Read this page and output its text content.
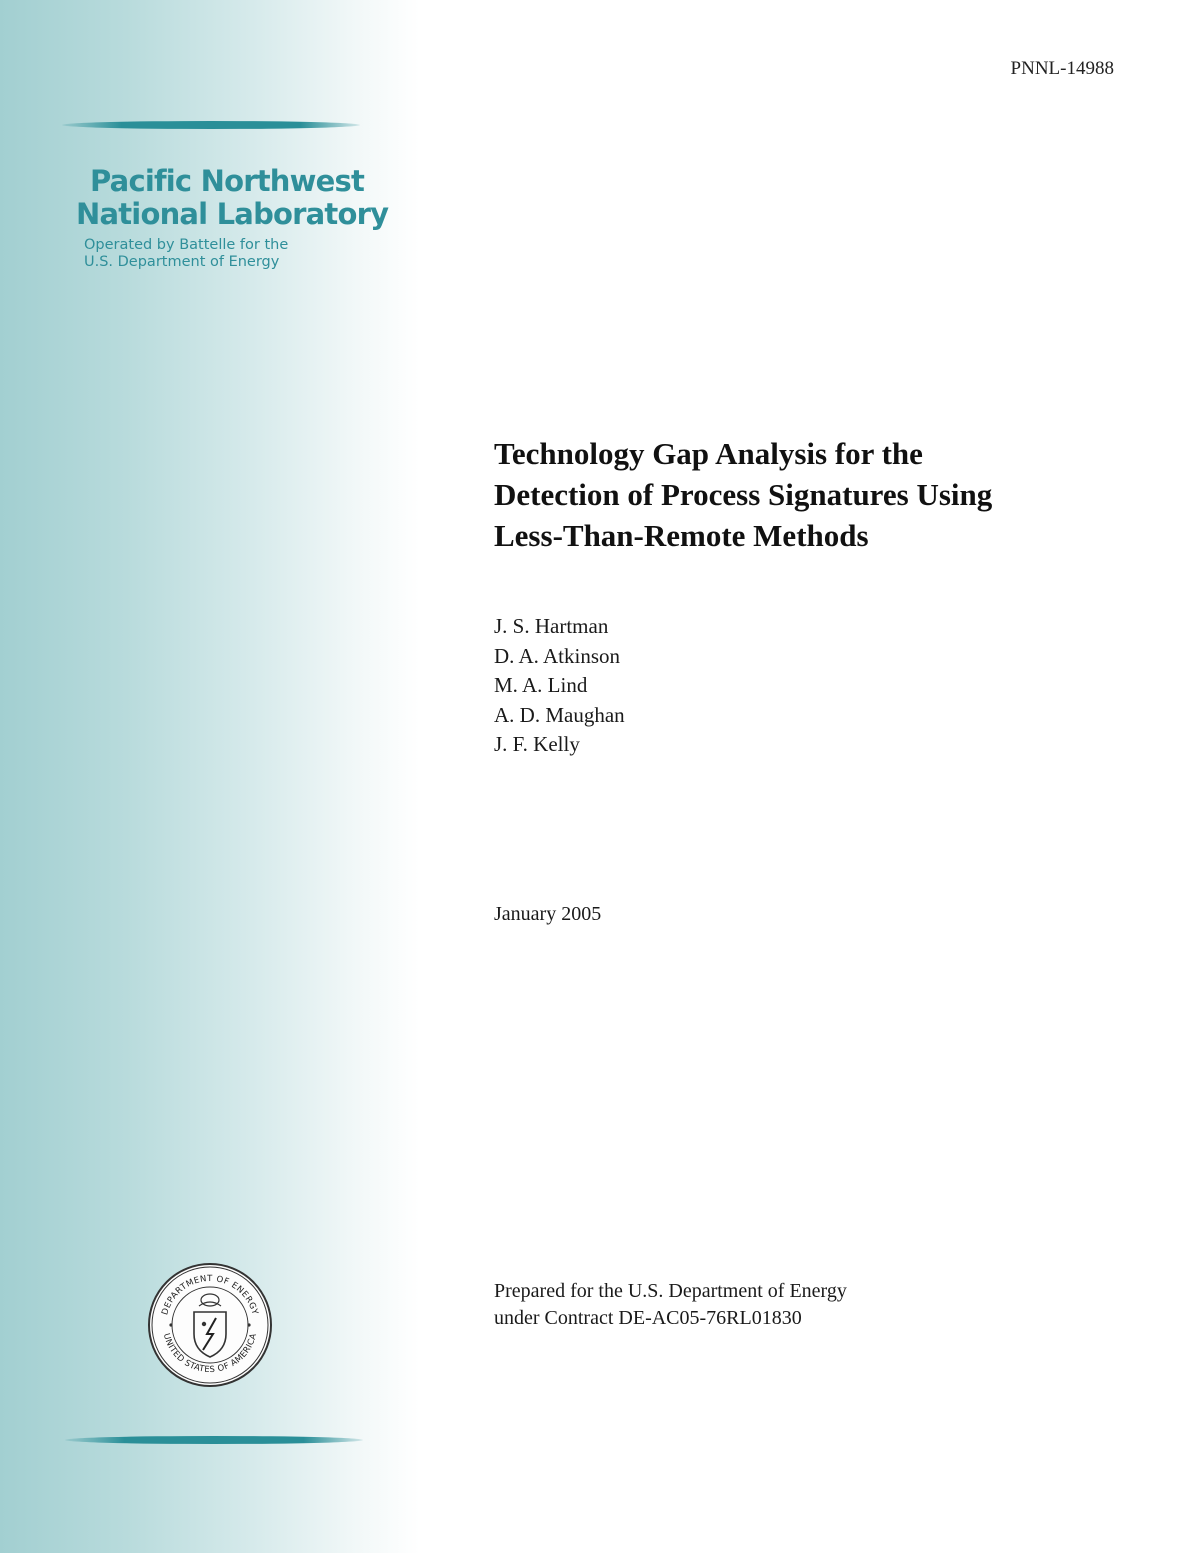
Pacific Northwest
National Laboratory
Operated by Battelle for the
U.S. Department of Energy
PNNL-14988
Technology Gap Analysis for the
Detection of Process Signatures Using
Less-Than-Remote Methods
J. S. Hartman
D. A. Atkinson
M. A. Lind
A. D. Maughan
J. F. Kelly
January 2005
DEPARTMENT OF ENERGY
UNITED STATES OF AMERICA
Prepared for the U.S. Department of Energy
under Contract DE-AC05-76RL01830
